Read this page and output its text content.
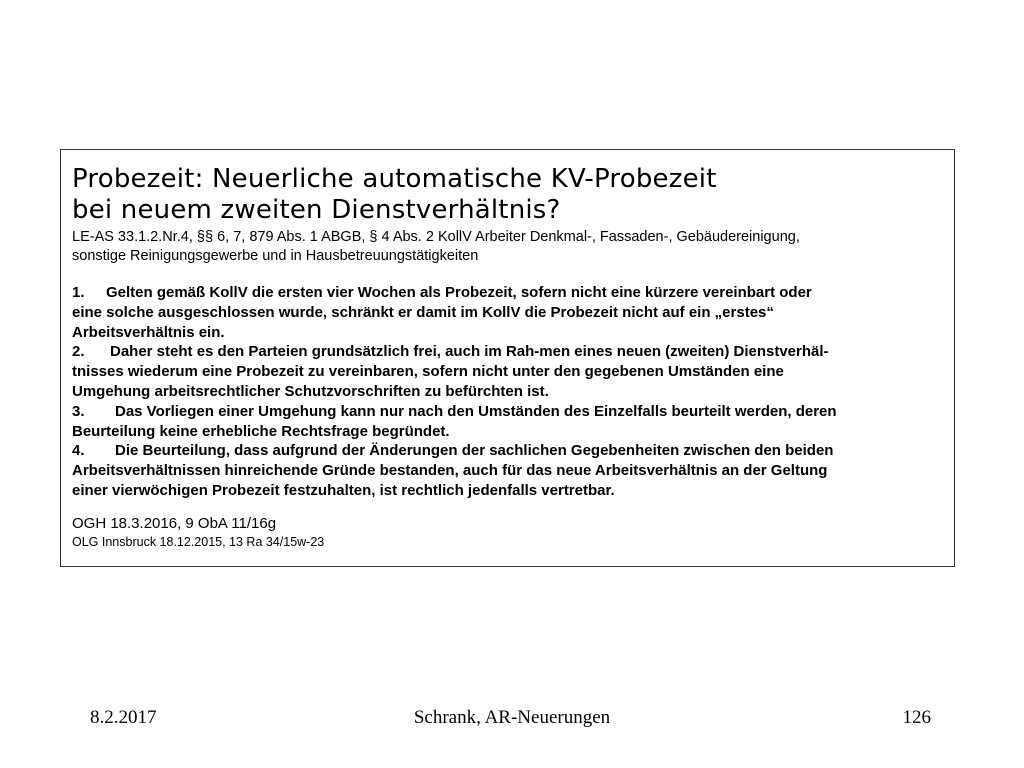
Probezeit: Neuerliche automatische KV-Probezeit
bei neuem zweiten Dienstverhältnis?
LE-AS 33.1.2.Nr.4, §§ 6, 7, 879 Abs. 1 ABGB, § 4 Abs. 2 KollV Arbeiter Denkmal-, Fassaden-, Gebäudereinigung,
sonstige Reinigungsgewerbe und in Hausbetreuungstätigkeiten
1. Gelten gemäß KollV die ersten vier Wochen als Probezeit, sofern nicht eine kürzere vereinbart oder
eine solche ausgeschlossen wurde, schränkt er damit im KollV die Probezeit nicht auf ein „erstes“
Arbeitsverhältnis ein.
2. Daher steht es den Parteien grundsätzlich frei, auch im Rah-men eines neuen (zweiten) Dienstverhäl-
tnisses wiederum eine Probezeit zu vereinbaren, sofern nicht unter den gegebenen Umständen eine
Umgehung arbeitsrechtlicher Schutzvorschriften zu befürchten ist.
3. Das Vorliegen einer Umgehung kann nur nach den Umständen des Einzelfalls beurteilt werden, deren
Beurteilung keine erhebliche Rechtsfrage begründet.
4. Die Beurteilung, dass aufgrund der Änderungen der sachlichen Gegebenheiten zwischen den beiden
Arbeitsverhältnissen hinreichende Gründe bestanden, auch für das neue Arbeitsverhältnis an der Geltung
einer vierwöchigen Probezeit festzuhalten, ist rechtlich jedenfalls vertretbar.
OGH 18.3.2016, 9 ObA 11/16g
OLG Innsbruck 18.12.2015, 13 Ra 34/15w-23
8.2.2017	Schrank, AR-Neuerungen	126
